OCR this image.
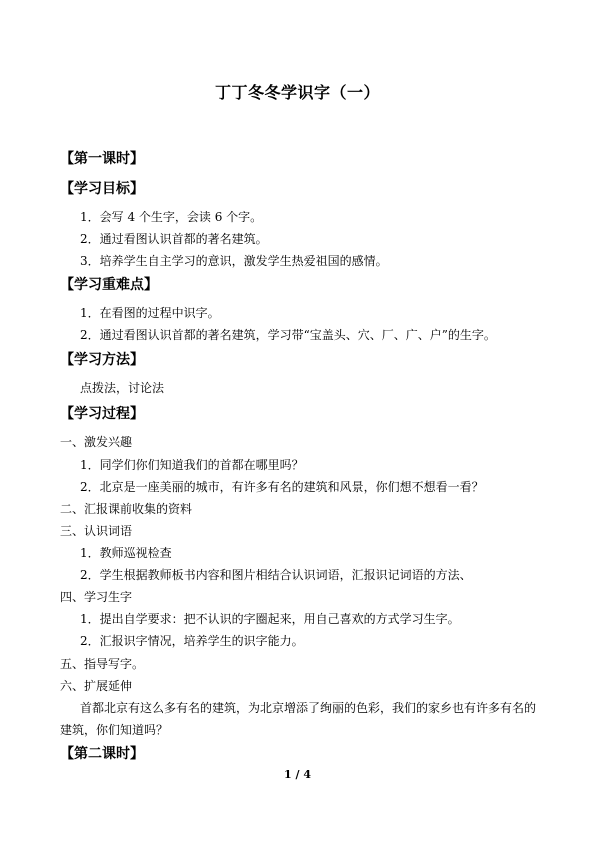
丁丁冬冬学识字（一）
【第一课时】
【学习目标】
1．会写 4 个生字，会读 6 个字。
2．通过看图认识首都的著名建筑。
3．培养学生自主学习的意识，激发学生热爱祖国的感情。
【学习重难点】
1．在看图的过程中识字。
2．通过看图认识首都的著名建筑，学习带“宝盖头、穴、厂、广、户”的生字。
【学习方法】
点拨法，讨论法
【学习过程】
一、激发兴趣
1．同学们你们知道我们的首都在哪里吗？
2．北京是一座美丽的城市，有许多有名的建筑和风景，你们想不想看一看？
二、汇报课前收集的资料
三、认识词语
1．教师巡视检查
2．学生根据教师板书内容和图片相结合认识词语，汇报识记词语的方法、
四、学习生字
1．提出自学要求：把不认识的字圈起来，用自己喜欢的方式学习生字。
2．汇报识字情况，培养学生的识字能力。
五、指导写字。
六、扩展延伸
首都北京有这么多有名的建筑，为北京增添了绚丽的色彩，我们的家乡也有许多有名的
建筑，你们知道吗？
【第二课时】
1 / 4
